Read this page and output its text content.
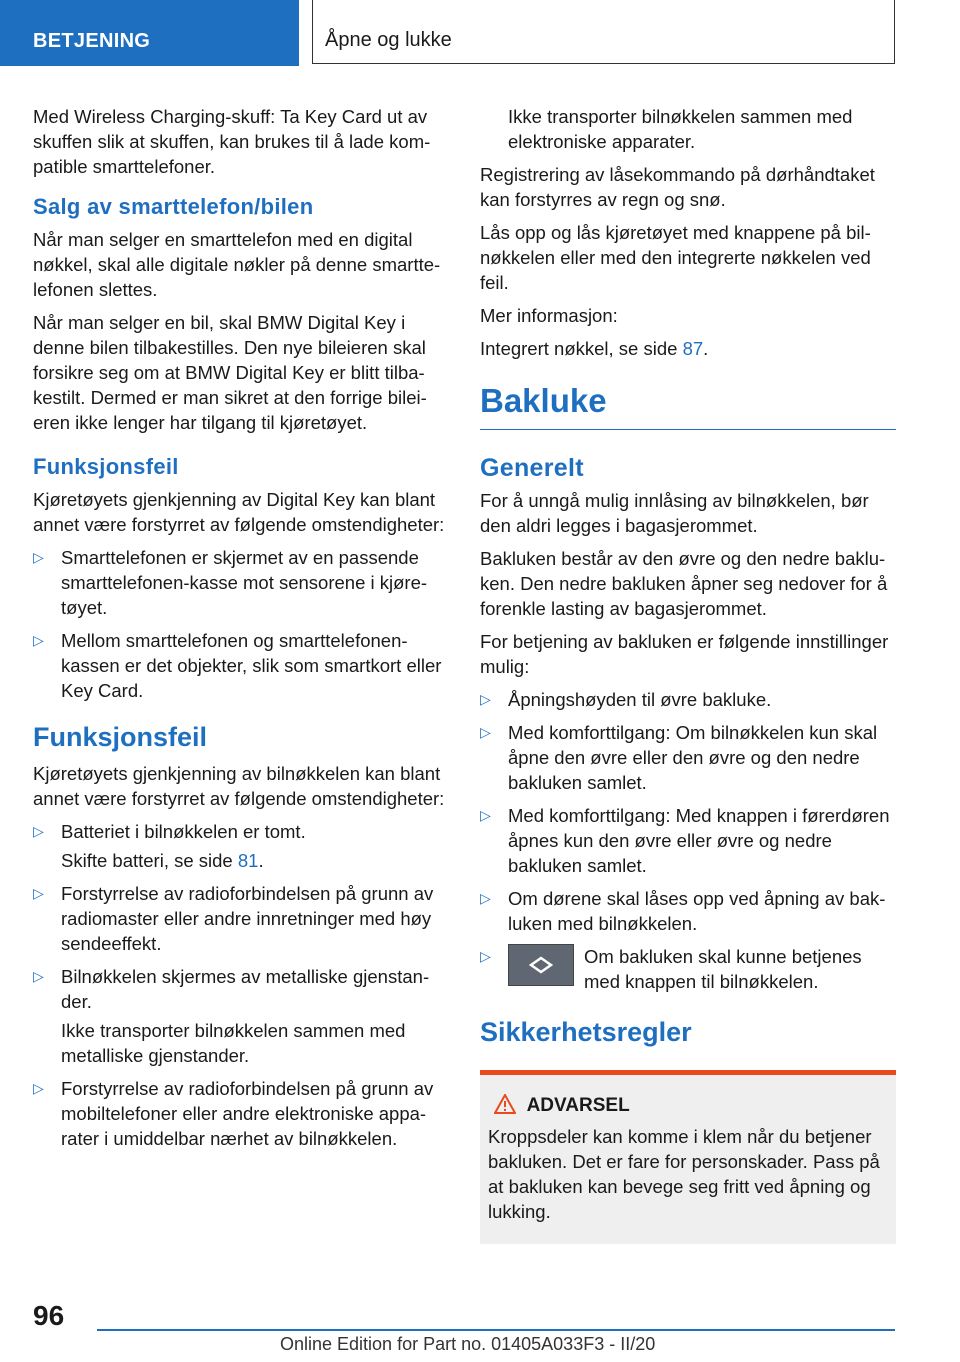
BETJENING	Åpne og lukke

Med Wireless Charging-skuff: Ta Key Card ut av skuffen slik at skuffen, kan brukes til å lade kompatible smarttelefoner.

Salg av smarttelefon/bilen

Når man selger en smarttelefon med en digital nøkkel, skal alle digitale nøkler på denne smarttelefonen slettes.

Når man selger en bil, skal BMW Digital Key i denne bilen tilbakestilles. Den nye bileieren skal forsikre seg om at BMW Digital Key er blitt tilbakestilt. Dermed er man sikret at den forrige bileieren ikke lenger har tilgang til kjøretøyet.

Funksjonsfeil

Kjøretøyets gjenkjenning av Digital Key kan blant annet være forstyrret av følgende omstendigheter:

▷ Smarttelefonen er skjermet av en passende smarttelefonen-kasse mot sensorene i kjøretøyet.
▷ Mellom smarttelefonen og smarttelefonenkassen er det objekter, slik som smartkort eller Key Card.
Funksjonsfeil

Kjøretøyets gjenkjenning av bilnøkkelen kan blant annet være forstyrret av følgende omstendigheter:

▷ Batteriet i bilnøkkelen er tomt.

Skifte batteri, se side 81.

▷ Forstyrrelse av radioforbindelsen på grunn av radiomaster eller andre innretninger med høy sendeeffekt.
▷ Bilnøkkelen skjermes av metalliske gjenstander.

Ikke transporter bilnøkkelen sammen med metalliske gjenstander.

▷ Forstyrrelse av radioforbindelsen på grunn av mobiltelefoner eller andre elektroniske apparater i umiddelbar nærhet av bilnøkkelen.

Ikke transporter bilnøkkelen sammen med elektroniske apparater.

Registrering av låsekommando på dørhåndtaket kan forstyrres av regn og snø.

Lås opp og lås kjøretøyet med knappene på bilnøkkelen eller med den integrerte nøkkelen ved feil.

Mer informasjon:

Integrert nøkkel, se side 87.

Bakluke
Generelt

For å unngå mulig innlåsing av bilnøkkelen, bør den aldri legges i bagasjerommet.

Bakluken består av den øvre og den nedre bakluken. Den nedre bakluken åpner seg nedover for å forenkle lasting av bagasjerommet.

For betjening av bakluken er følgende innstillinger mulig:

▷ Åpningshøyden til øvre bakluke.
▷ Med komforttilgang: Om bilnøkkelen kun skal åpne den øvre eller den øvre og den nedre bakluken samlet.
▷ Med komforttilgang: Med knappen i førerdøren åpnes kun den øvre eller øvre og nedre bakluken samlet.
▷ Om dørene skal låses opp ved åpning av bakluken med bilnøkkelen.
▷	Om bakluken skal kunne betjenes med knappen til bilnøkkelen.
Sikkerhetsregler
ADVARSEL
Kroppsdeler kan komme i klem når du betjener bakluken. Det er fare for personskader. Pass på at bakluken kan bevege seg fritt ved åpning og lukking.
96
Online Edition for Part no. 01405A033F3 - II/20
